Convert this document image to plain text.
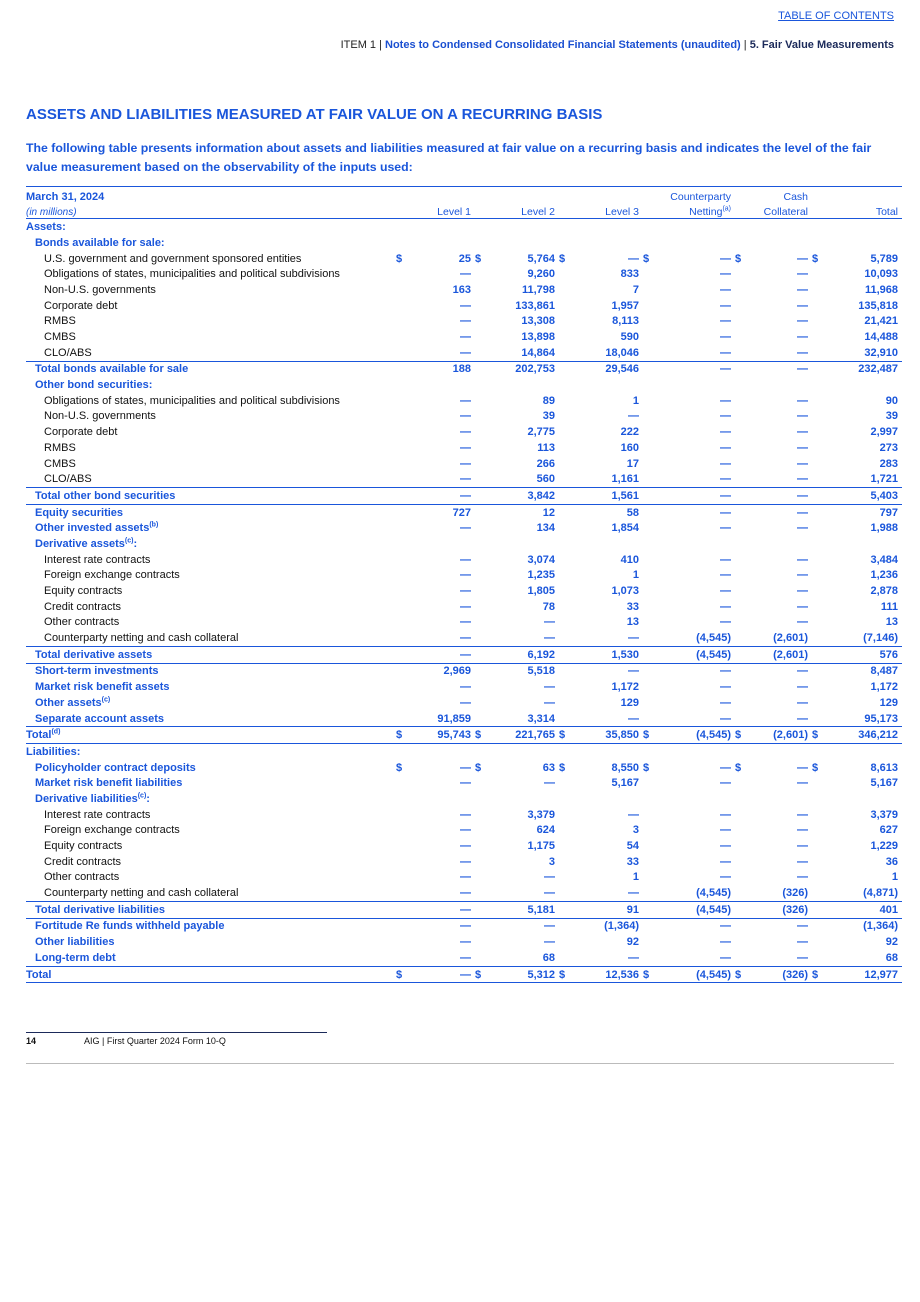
TABLE OF CONTENTS
ITEM 1 | Notes to Condensed Consolidated Financial Statements (unaudited) | 5. Fair Value Measurements
ASSETS AND LIABILITIES MEASURED AT FAIR VALUE ON A RECURRING BASIS
The following table presents information about assets and liabilities measured at fair value on a recurring basis and indicates the level of the fair value measurement based on the observability of the inputs used:
March 31, 2024								Counterparty		Cash		
(in millions)		Level 1		Level 2		Level 3		Netting$^{(a)}$		Collateral		Total
Assets:												
Bonds available for sale:												
U.S. government and government sponsored entities	$	25	$	5,764	$	—	$	—	$	—	$	5,789
Obligations of states, municipalities and political subdivisions		—		9,260		833		—		—		10,093
Non-U.S. governments		163		11,798		7		—		—		11,968
Corporate debt		—		133,861		1,957		—		—		135,818
RMBS		—		13,308		8,113		—		—		21,421
CMBS		—		13,898		590		—		—		14,488
CLO/ABS		—		14,864		18,046		—		—		32,910
Total bonds available for sale		188		202,753		29,546		—		—		232,487
Other bond securities:												
Obligations of states, municipalities and political subdivisions		—		89		1		—		—		90
Non-U.S. governments		—		39		—		—		—		39
Corporate debt		—		2,775		222		—		—		2,997
RMBS		—		113		160		—		—		273
CMBS		—		266		17		—		—		283
CLO/ABS		—		560		1,161		—		—		1,721
Total other bond securities		—		3,842		1,561		—		—		5,403
Equity securities		727		12		58		—		—		797
Other invested assets$^{(b)}$		—		134		1,854		—		—		1,988
Derivative assets$^{(c)}$:												
Interest rate contracts		—		3,074		410		—		—		3,484
Foreign exchange contracts		—		1,235		1		—		—		1,236
Equity contracts		—		1,805		1,073		—		—		2,878
Credit contracts		—		78		33		—		—		111
Other contracts		—		—		13		—		—		13
Counterparty netting and cash collateral		—		—		—		(4,545)		(2,601)		(7,146)
Total derivative assets		—		6,192		1,530		(4,545)		(2,601)		576
Short-term investments		2,969		5,518		—		—		—		8,487
Market risk benefit assets		—		—		1,172		—		—		1,172
Other assets$^{(c)}$		—		—		129		—		—		129
Separate account assets		91,859		3,314		—		—		—		95,173
Total$^{(d)}$	$	95,743	$	221,765	$	35,850	$	(4,545)	$	(2,601)	$	346,212
Liabilities:												
Policyholder contract deposits	$	—	$	63	$	8,550	$	—	$	—	$	8,613
Market risk benefit liabilities		—		—		5,167		—		—		5,167
Derivative liabilities$^{(c)}$:												
Interest rate contracts		—		3,379		—		—		—		3,379
Foreign exchange contracts		—		624		3		—		—		627
Equity contracts		—		1,175		54		—		—		1,229
Credit contracts		—		3		33		—		—		36
Other contracts		—		—		1		—		—		1
Counterparty netting and cash collateral		—		—		—		(4,545)		(326)		(4,871)
Total derivative liabilities		—		5,181		91		(4,545)		(326)		401
Fortitude Re funds withheld payable		—		—		(1,364)		—		—		(1,364)
Other liabilities		—		—		92		—		—		92
Long-term debt		—		68		—		—		—		68
Total	$	—	$	5,312	$	12,536	$	(4,545)	$	(326)	$	12,977
14	AIG | First Quarter 2024 Form 10-Q
